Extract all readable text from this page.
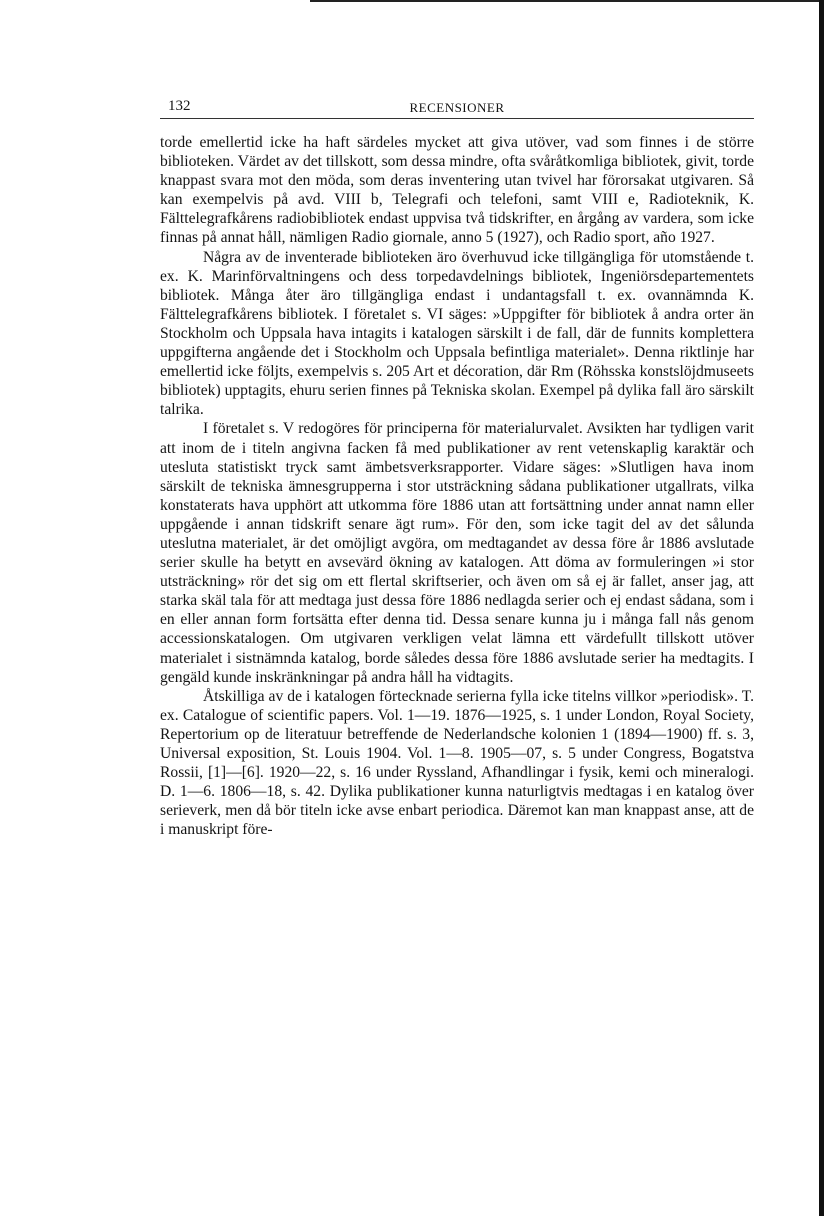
132	RECENSIONER

torde emellertid icke ha haft särdeles mycket att giva utöver, vad som finnes i de större biblioteken. Värdet av det tillskott, som dessa mindre, ofta svåråtkomliga bibliotek, givit, torde knappast svara mot den möda, som deras inventering utan tvivel har förorsakat utgivaren. Så kan exempelvis på avd. VIII b, Telegrafi och telefoni, samt VIII e, Radioteknik, K. Fälttelegrafkårens radiobibliotek endast uppvisa två tidskrifter, en årgång av vardera, som icke finnas på annat håll, nämligen Radio giornale, anno 5 (1927), och Radio sport, año 1927.

Några av de inventerade biblioteken äro överhuvud icke tillgängliga för utomstående t. ex. K. Marinförvaltningens och dess torpedavdelnings bibliotek, Ingeniörsdepartementets bibliotek. Många åter äro tillgängliga endast i undantagsfall t. ex. ovannämnda K. Fälttelegrafkårens bibliotek. I företalet s. VI säges: »Uppgifter för bibliotek å andra orter än Stockholm och Uppsala hava intagits i katalogen särskilt i de fall, där de funnits komplettera uppgifterna angående det i Stockholm och Uppsala befintliga materialet». Denna riktlinje har emellertid icke följts, exempelvis s. 205 Art et décoration, där Rm (Röhsska konstslöjdmuseets bibliotek) upptagits, ehuru serien finnes på Tekniska skolan. Exempel på dylika fall äro särskilt talrika.

I företalet s. V redogöres för principerna för materialurvalet. Avsikten har tydligen varit att inom de i titeln angivna facken få med publikationer av rent vetenskaplig karaktär och utesluta statistiskt tryck samt ämbetsverksrapporter. Vidare säges: »Slutligen hava inom särskilt de tekniska ämnesgrupperna i stor utsträckning sådana publikationer utgallrats, vilka konstaterats hava upphört att utkomma före 1886 utan att fortsättning under annat namn eller uppgående i annan tidskrift senare ägt rum». För den, som icke tagit del av det sålunda uteslutna materialet, är det omöjligt avgöra, om medtagandet av dessa före år 1886 avslutade serier skulle ha betytt en avsevärd ökning av katalogen. Att döma av formuleringen »i stor utsträckning» rör det sig om ett flertal skriftserier, och även om så ej är fallet, anser jag, att starka skäl tala för att medtaga just dessa före 1886 nedlagda serier och ej endast sådana, som i en eller annan form fortsätta efter denna tid. Dessa senare kunna ju i många fall nås genom accessionskatalogen. Om utgivaren verkligen velat lämna ett värdefullt tillskott utöver materialet i sistnämnda katalog, borde således dessa före 1886 avslutade serier ha medtagits. I gengäld kunde inskränkningar på andra håll ha vidtagits.

Åtskilliga av de i katalogen förtecknade serierna fylla icke titelns villkor »periodisk». T. ex. Catalogue of scientific papers. Vol. 1—19. 1876—1925, s. 1 under London, Royal Society, Repertorium op de literatuur betreffende de Nederlandsche kolonien 1 (1894—1900) ff. s. 3, Universal exposition, St. Louis 1904. Vol. 1—8. 1905—07, s. 5 under Congress, Bogatstva Rossii, [1]—[6]. 1920—22, s. 16 under Ryssland, Afhandlingar i fysik, kemi och mineralogi. D. 1—6. 1806—18, s. 42. Dylika publikationer kunna naturligtvis medtagas i en katalog över serieverk, men då bör titeln icke avse enbart periodica. Däremot kan man knappast anse, att de i manuskript före-
